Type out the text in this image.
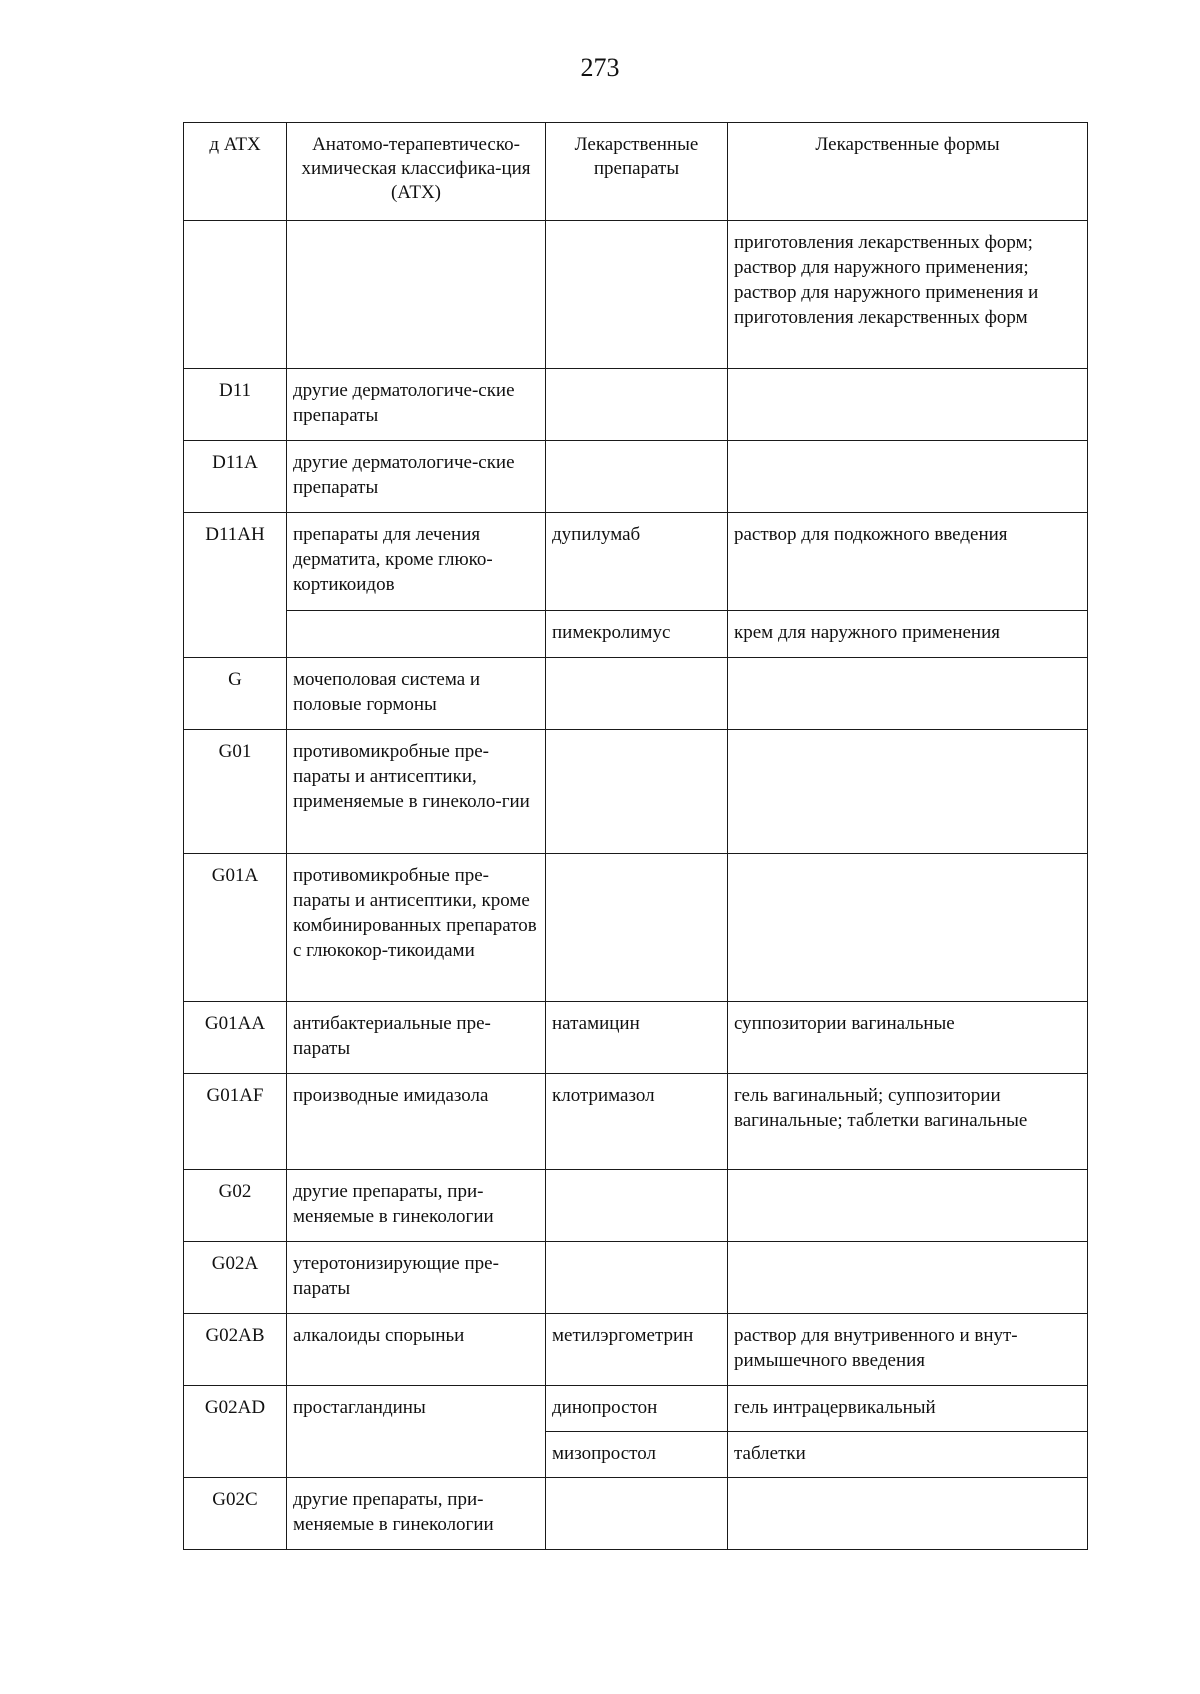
273
д ATX	Анатомо-терапевтическо-химическая классифика-ция (АТХ)	Лекарственные препараты	Лекарственные формы
			приготовления лекарственных форм; раствор для наружного применения; раствор для наружного применения и приготовления лекарственных форм
D11	другие дерматологиче-ские препараты		
D11A	другие дерматологиче-ские препараты		
D11AH	препараты для лечения дерматита, кроме глюко-кортикоидов	дупилумаб	раствор для подкожного введения
		пимекролимус	крем для наружного применения
G	мочеполовая система и половые гормоны		
G01	противомикробные пре-параты и антисептики, применяемые в гинеколо-гии		
G01A	противомикробные пре-параты и антисептики, кроме комбинированных препаратов с глюкокор-тикоидами		
G01AA	антибактериальные пре-параты	натамицин	суппозитории вагинальные
G01AF	производные имидазола	клотримазол	гель вагинальный; суппозитории вагинальные; таблетки вагинальные
G02	другие препараты, при-меняемые в гинекологии		
G02A	утеротонизирующие пре-параты		
G02AB	алкалоиды спорыньи	метилэргометрин	раствор для внутривенного и внут-римышечного введения
G02AD	простагландины	динопростон	гель интрацервикальный
		мизопростол	таблетки
G02C	другие препараты, при-меняемые в гинекологии		
